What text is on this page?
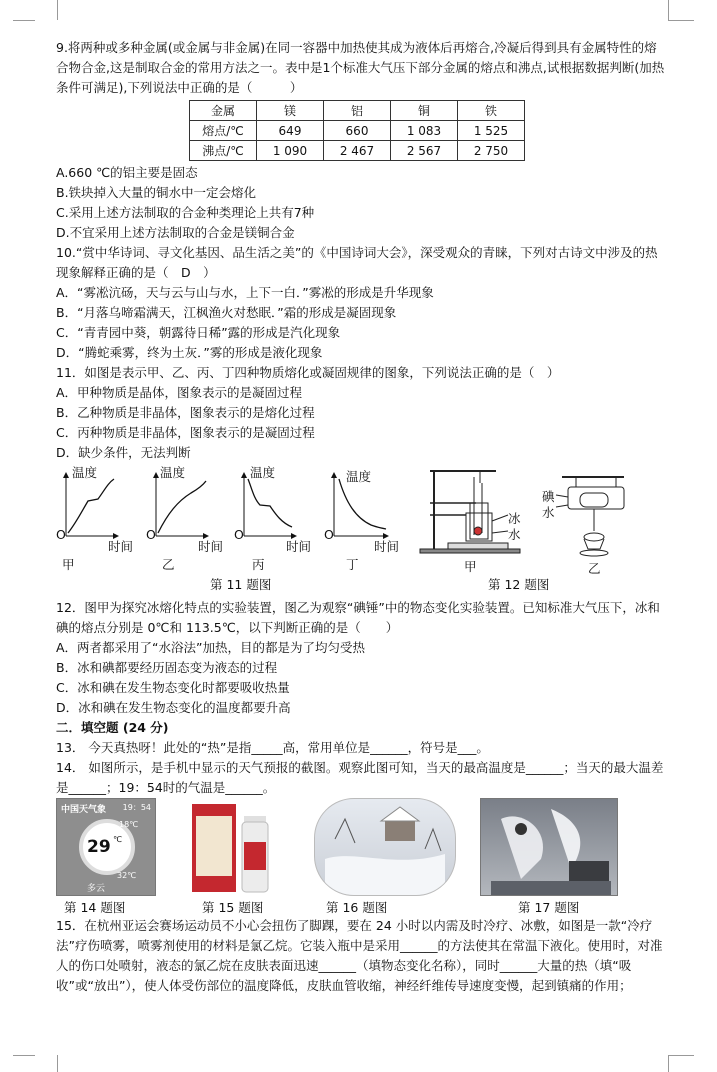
9.将两种或多种金属(或金属与非金属)在同一容器中加热使其成为液体后再熔合,冷凝后得到具有金属特性的熔合物合金,这是制取合金的常用方法之一。表中是1个标准大气压下部分金属的熔点和沸点,试根据数据判断(加热条件可满足),下列说法中正确的是（　　　）
金属	镁	铝	铜	铁
熔点/℃	649	660	1 083	1 525
沸点/℃	1 090	2 467	2 567	2 750
A.660 ℃的铝主要是固态
B.铁块掉入大量的铜水中一定会熔化
C.采用上述方法制取的合金种类理论上共有7种
D.不宜采用上述方法制取的合金是镁铜合金
10.“赏中华诗词、寻文化基因、品生活之美”的《中国诗词大会》，深受观众的青睐，下列对古诗文中涉及的热现象解释正确的是（　D　）
A．“雾凇沆砀，天与云与山与水，上下一白．”雾凇的形成是升华现象
B．“月落乌啼霜满天，江枫渔火对愁眠．”霜的形成是凝固现象
C．“青青园中葵，朝露待日稀”露的形成是汽化现象
D．“腾蛇乘雾，终为土灰．”雾的形成是液化现象
11．如图是表示甲、乙、丙、丁四种物质熔化或凝固规律的图象，下列说法正确的是（　）
A．甲种物质是晶体，图象表示的是凝固过程
B．乙种物质是非晶体，图象表示的是熔化过程
C．丙种物质是非晶体，图象表示的是凝固过程
D．缺少条件，无法判断
温度	温度	温度	温度
O	O	O	O
时间	时间	时间	时间
甲	乙	丙	丁
第 11 题图
冰
水
碘
水
甲	乙
第 12 题图
12．图甲为探究冰熔化特点的实验装置，图乙为观察“碘锤”中的物态变化实验装置。已知标准大气压下，冰和碘的熔点分别是 0℃和 113.5℃，以下判断正确的是（　　）
A．两者都采用了“水浴法”加热，目的都是为了均匀受热
B．冰和碘都要经历固态变为液态的过程
C．冰和碘在发生物态变化时都要吸收热量
D．冰和碘在发生物态变化的温度都要升高
二．填空题 (24 分)
13． 今天真热呀！此处的“热”是指_____高，常用单位是______，符号是___。
14． 如图所示，是手机中显示的天气预报的截图。观察此图可知，当天的最高温度是______；当天的最大温差是______；19：54时的气温是______。
中国天气象 19：54
29 ℃
18℃
32℃
多云
第 14 题图	第 15 题图	第 16 题图	第 17 题图
15．在杭州亚运会赛场运动员不小心会扭伤了脚踝，要在 24 小时以内需及时冷疗、冰敷，如图是一款“冷疗法”疗伤喷雾，喷雾剂使用的材料是氯乙烷。它装入瓶中是采用______的方法使其在常温下液化。使用时，对准人的伤口处喷射，液态的氯乙烷在皮肤表面迅速______（填物态变化名称），同时______大量的热（填“吸收”或“放出”），使人体受伤部位的温度降低，皮肤血管收缩，神经纤维传导速度变慢，起到镇痛的作用；
